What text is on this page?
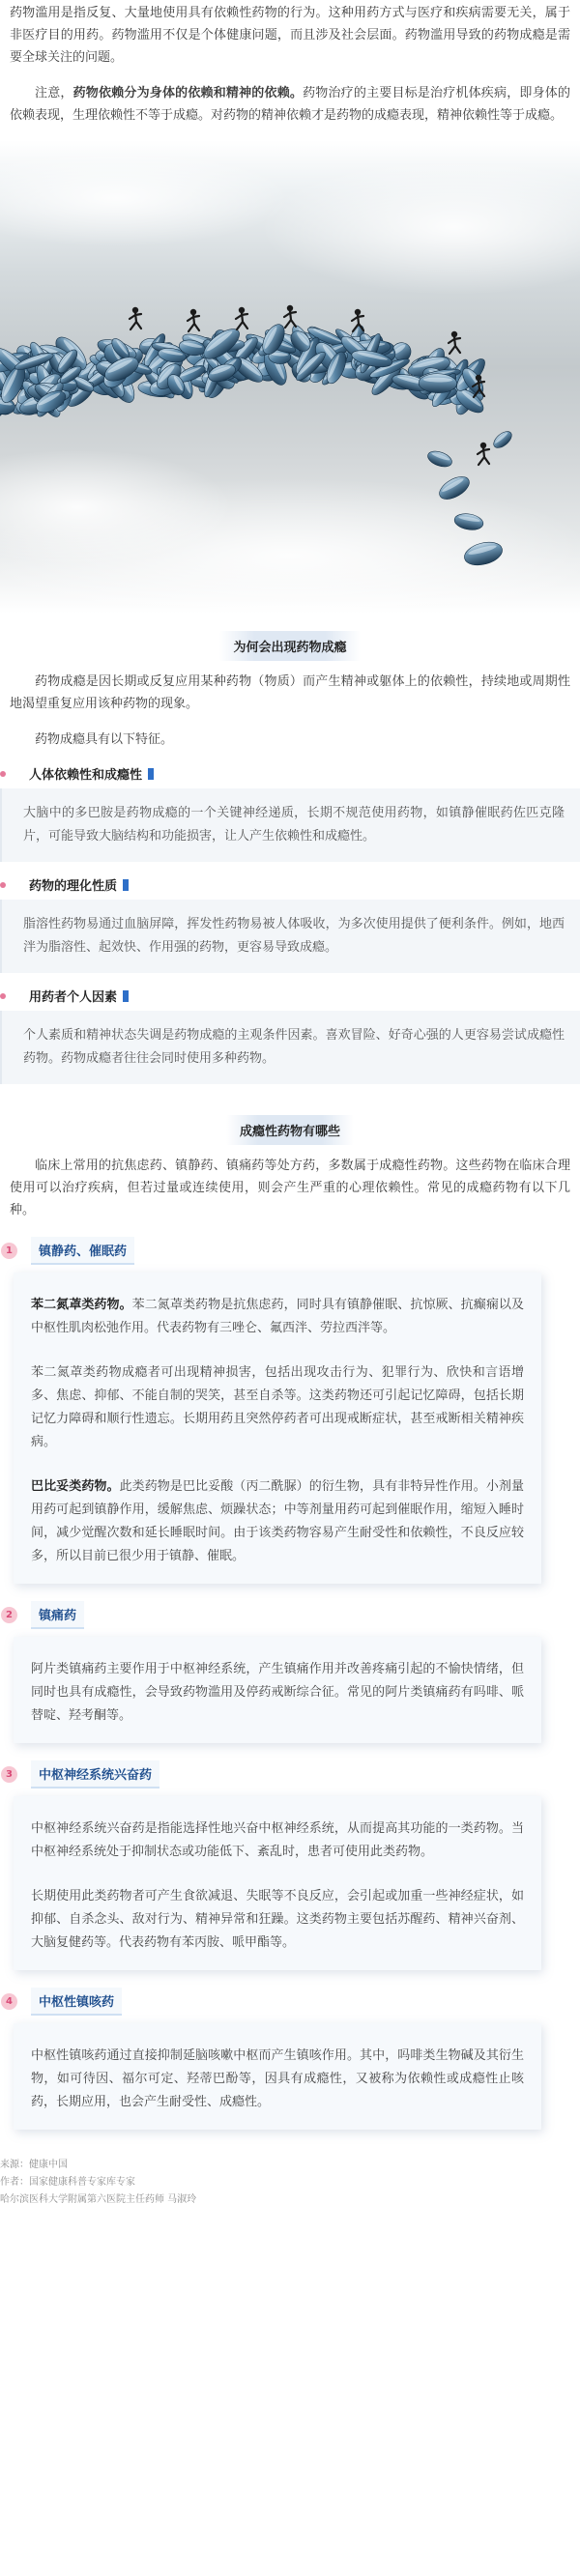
药物滥用是指反复、大量地使用具有依赖性药物的行为。这种用药方式与医疗和疾病需要无关，属于非医疗目的用药。药物滥用不仅是个体健康问题，而且涉及社会层面。药物滥用导致的药物成瘾是需要全球关注的问题。

注意，药物依赖分为身体的依赖和精神的依赖。药物治疗的主要目标是治疗机体疾病，即身体的依赖表现，生理依赖性不等于成瘾。对药物的精神依赖才是药物的成瘾表现，精神依赖性等于成瘾。

为何会出现药物成瘾

药物成瘾是因长期或反复应用某种药物（物质）而产生精神或躯体上的依赖性，持续地或周期性地渴望重复应用该种药物的现象。

药物成瘾具有以下特征。

人体依赖性和成瘾性

大脑中的多巴胺是药物成瘾的一个关键神经递质，长期不规范使用药物，如镇静催眠药佐匹克隆片，可能导致大脑结构和功能损害，让人产生依赖性和成瘾性。

药物的理化性质

脂溶性药物易通过血脑屏障，挥发性药物易被人体吸收，为多次使用提供了便利条件。例如，地西泮为脂溶性、起效快、作用强的药物，更容易导致成瘾。

用药者个人因素

个人素质和精神状态失调是药物成瘾的主观条件因素。喜欢冒险、好奇心强的人更容易尝试成瘾性药物。药物成瘾者往往会同时使用多种药物。

成瘾性药物有哪些

临床上常用的抗焦虑药、镇静药、镇痛药等处方药，多数属于成瘾性药物。这些药物在临床合理使用可以治疗疾病，但若过量或连续使用，则会产生严重的心理依赖性。常见的成瘾药物有以下几种。

1	镇静药、催眠药

苯二氮䓬类药物。苯二氮䓬类药物是抗焦虑药，同时具有镇静催眠、抗惊厥、抗癫痫以及中枢性肌肉松弛作用。代表药物有三唑仑、氟西泮、劳拉西泮等。

苯二氮䓬类药物成瘾者可出现精神损害，包括出现攻击行为、犯罪行为、欣快和言语增多、焦虑、抑郁、不能自制的哭笑，甚至自杀等。这类药物还可引起记忆障碍，包括长期记忆力障碍和顺行性遗忘。长期用药且突然停药者可出现戒断症状，甚至戒断相关精神疾病。

巴比妥类药物。此类药物是巴比妥酸（丙二酰脲）的衍生物，具有非特异性作用。小剂量用药可起到镇静作用，缓解焦虑、烦躁状态；中等剂量用药可起到催眠作用，缩短入睡时间，减少觉醒次数和延长睡眠时间。由于该类药物容易产生耐受性和依赖性，不良反应较多，所以目前已很少用于镇静、催眠。

2	镇痛药

阿片类镇痛药主要作用于中枢神经系统，产生镇痛作用并改善疼痛引起的不愉快情绪，但同时也具有成瘾性，会导致药物滥用及停药戒断综合征。常见的阿片类镇痛药有吗啡、哌替啶、羟考酮等。

3	中枢神经系统兴奋药

中枢神经系统兴奋药是指能选择性地兴奋中枢神经系统，从而提高其功能的一类药物。当中枢神经系统处于抑制状态或功能低下、紊乱时，患者可使用此类药物。

长期使用此类药物者可产生食欲减退、失眠等不良反应，会引起或加重一些神经症状，如抑郁、自杀念头、敌对行为、精神异常和狂躁。这类药物主要包括苏醒药、精神兴奋剂、大脑复健药等。代表药物有苯丙胺、哌甲酯等。

4	中枢性镇咳药

中枢性镇咳药通过直接抑制延脑咳嗽中枢而产生镇咳作用。其中，吗啡类生物碱及其衍生物，如可待因、福尔可定、羟蒂巴酚等，因具有成瘾性，又被称为依赖性或成瘾性止咳药，长期应用，也会产生耐受性、成瘾性。

来源：健康中国

作者：国家健康科普专家库专家

哈尔滨医科大学附属第六医院主任药师 马淑玲
